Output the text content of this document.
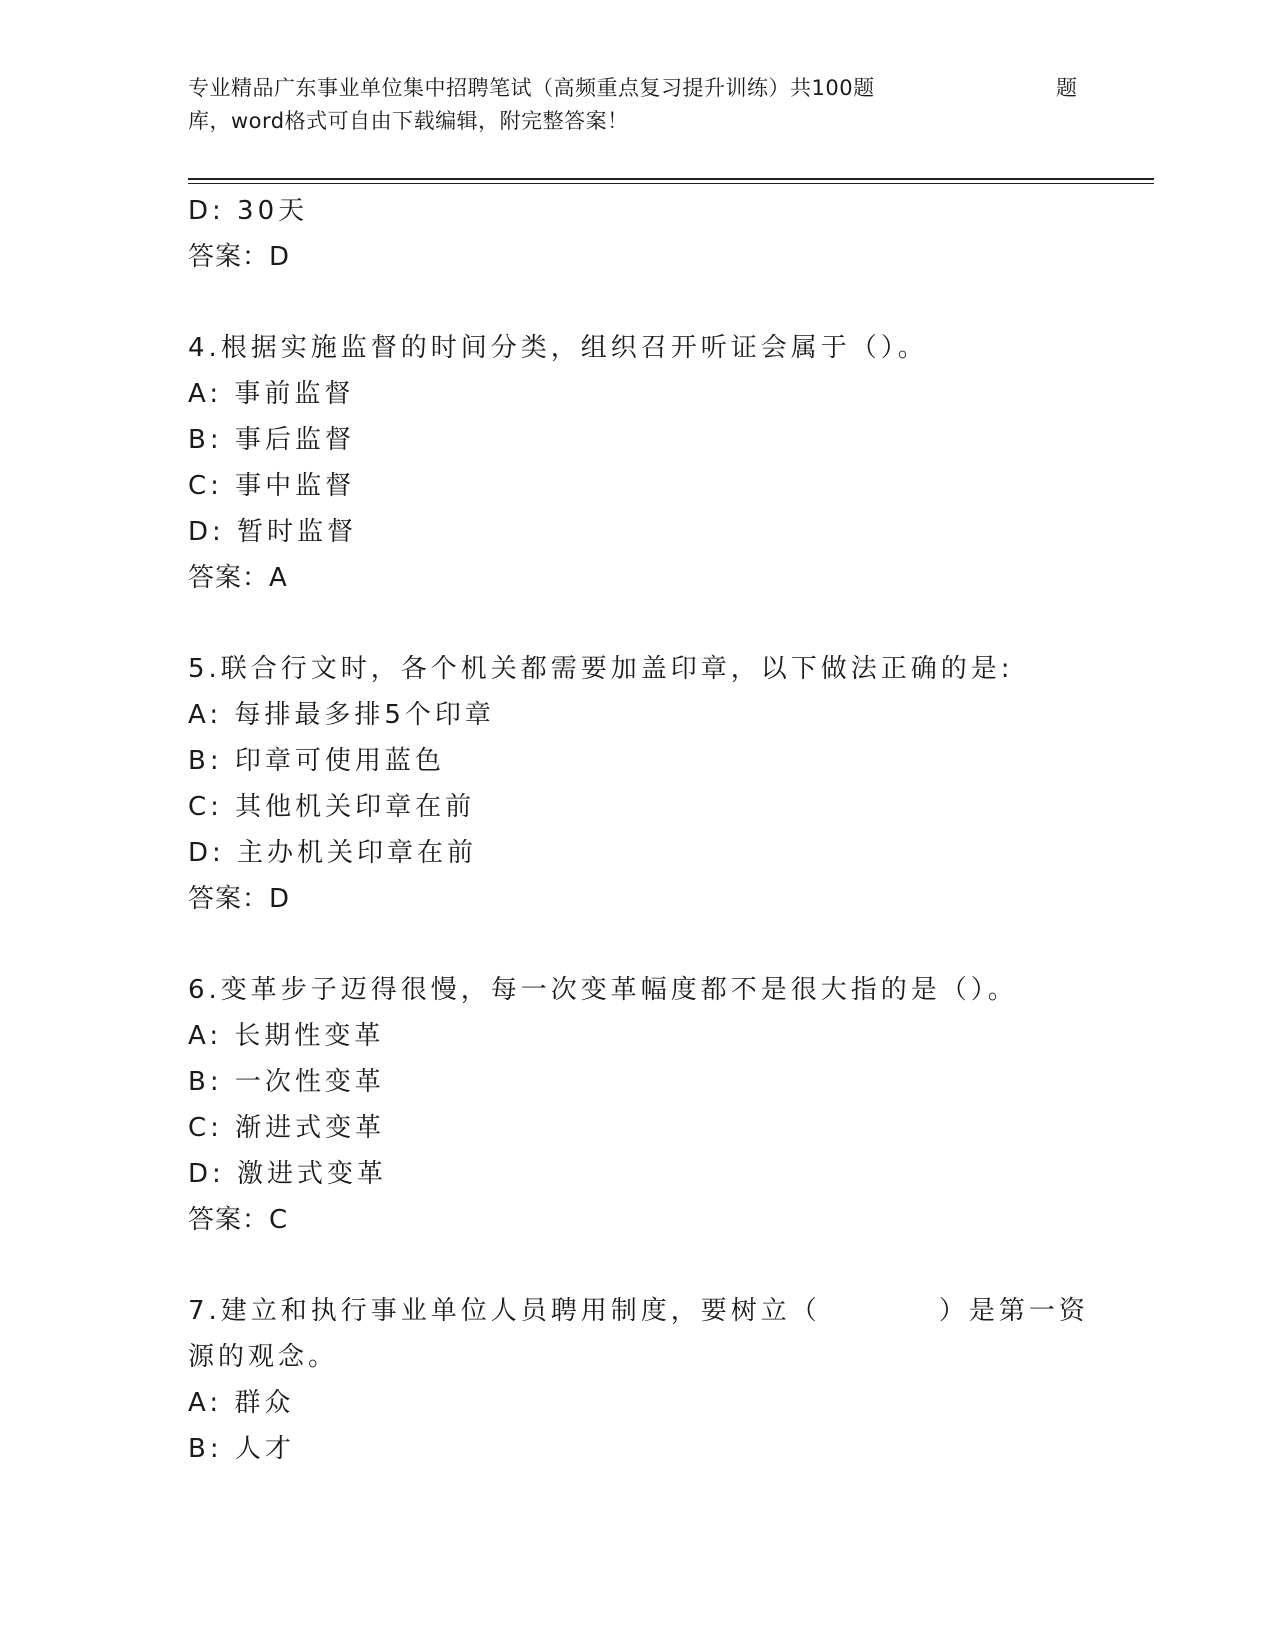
专业精品广东事业单位集中招聘笔试（高频重点复习提升训练）共100题	题
库，word格式可自由下载编辑，附完整答案！
D: 30天
答案：D
4.根据实施监督的时间分类，组织召开听证会属于（）。
A: 事前监督
B: 事后监督
C: 事中监督
D: 暂时监督
答案：A
5.联合行文时，各个机关都需要加盖印章，以下做法正确的是:
A: 每排最多排5个印章
B: 印章可使用蓝色
C: 其他机关印章在前
D: 主办机关印章在前
答案：D
6.变革步子迈得很慢，每一次变革幅度都不是很大指的是（）。
A: 长期性变革
B: 一次性变革
C: 渐进式变革
D: 激进式变革
答案：C
7.建立和执行事业单位人员聘用制度，要树立（	）是第一资
源的观念。
A: 群众
B: 人才
